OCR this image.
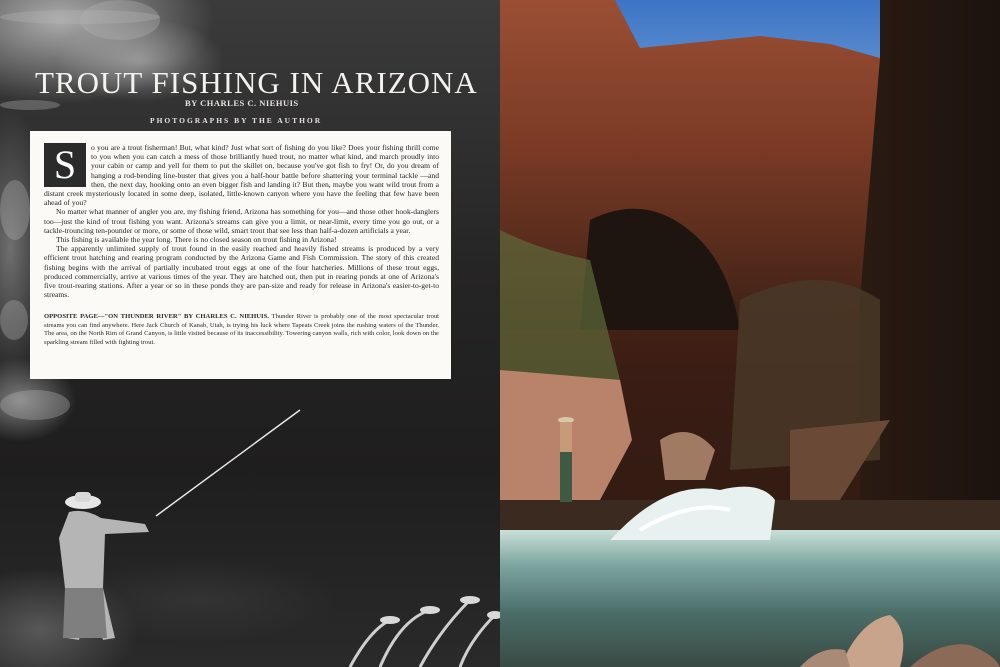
TROUT FISHING IN ARIZONA
BY CHARLES C. NIEHUIS
PHOTOGRAPHS BY THE AUTHOR
S	o you are a trout fisherman! But, what kind? Just what sort of fishing do you like? Does your fishing thrill come to you when you can catch a mess of those brilliantly hued trout, no matter what kind, and march proudly into your cabin or camp and yell for them to put the skillet on, because you've got fish to fry! Or, do you dream of hanging a rod-bending line-buster that gives you a half-hour battle before shattering your terminal tackle —and then, the next day, hooking onto an even bigger fish and landing it? But then, maybe you want wild trout from a distant creek mysteriously located in some deep, isolated, little-known canyon where you have the feeling that few have been ahead of you?

No matter what manner of angler you are, my fishing friend, Arizona has something for you—and those other hook-danglers too—just the kind of trout fishing you want. Arizona's streams can give you a limit, or near-limit, every time you go out, or a tackle-trouncing ten-pounder or more, or some of those wild, smart trout that see less than half-a-dozen artificials a year.

This fishing is available the year long. There is no closed season on trout fishing in Arizona!

The apparently unlimited supply of trout found in the easily reached and heavily fished streams is produced by a very efficient trout hatching and rearing program conducted by the Arizona Game and Fish Commission. The story of this created fishing begins with the arrival of partially incubated trout eggs at one of the four hatcheries. Millions of these trout eggs, produced commercially, arrive at various times of the year. They are hatched out, then put in rearing ponds at one of Arizona's five trout-rearing stations. After a year or so in these ponds they are pan-size and ready for release in Arizona's easier-to-get-to streams.

OPPOSITE PAGE—"ON THUNDER RIVER" BY CHARLES C. NIEHUIS. Thunder River is probably one of the most spectacular trout streams you can find anywhere. Here Jack Church of Kanab, Utah, is trying his luck where Tapeats Creek joins the rushing waters of the Thunder. The area, on the North Rim of Grand Canyon, is little visited because of its inaccessibility. Towering canyon walls, rich with color, look down on the sparkling stream filled with fighting trout.
